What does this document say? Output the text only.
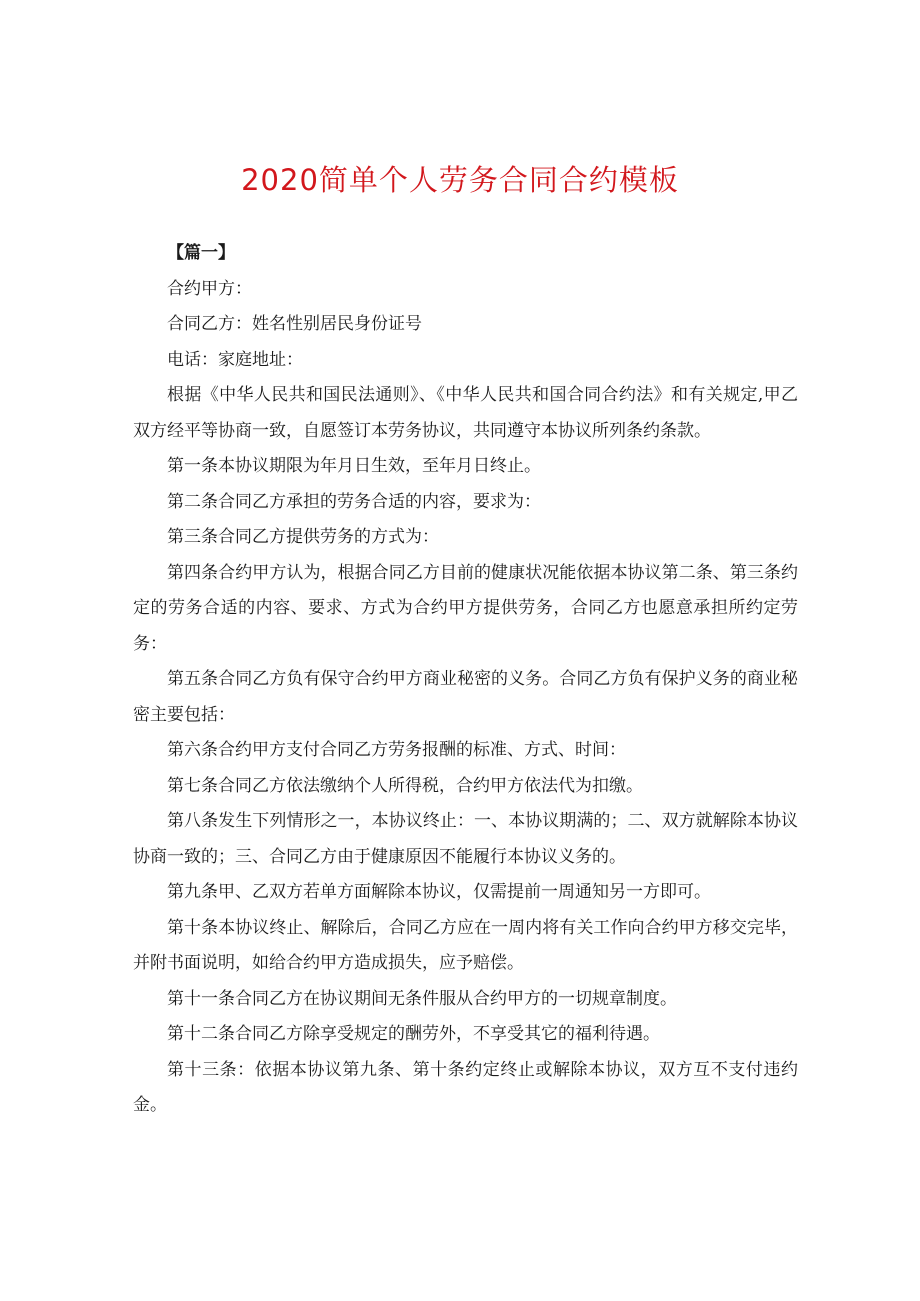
2020简单个人劳务合同合约模板

【篇一】

合约甲方：

合同乙方：姓名性别居民身份证号

电话：家庭地址：

根据《中华人民共和国民法通则》、《中华人民共和国合同合约法》和有关规定,甲乙双方经平等协商一致，自愿签订本劳务协议，共同遵守本协议所列条约条款。

第一条本协议期限为年月日生效，至年月日终止。

第二条合同乙方承担的劳务合适的内容，要求为：

第三条合同乙方提供劳务的方式为：

第四条合约甲方认为，根据合同乙方目前的健康状况能依据本协议第二条、第三条约定的劳务合适的内容、要求、方式为合约甲方提供劳务，合同乙方也愿意承担所约定劳务：

第五条合同乙方负有保守合约甲方商业秘密的义务。合同乙方负有保护义务的商业秘密主要包括：

第六条合约甲方支付合同乙方劳务报酬的标准、方式、时间：

第七条合同乙方依法缴纳个人所得税，合约甲方依法代为扣缴。

第八条发生下列情形之一，本协议终止：一、本协议期满的；二、双方就解除本协议协商一致的；三、合同乙方由于健康原因不能履行本协议义务的。

第九条甲、乙双方若单方面解除本协议，仅需提前一周通知另一方即可。

第十条本协议终止、解除后，合同乙方应在一周内将有关工作向合约甲方移交完毕，并附书面说明，如给合约甲方造成损失，应予赔偿。

第十一条合同乙方在协议期间无条件服从合约甲方的一切规章制度。

第十二条合同乙方除享受规定的酬劳外，不享受其它的福利待遇。

第十三条：依据本协议第九条、第十条约定终止或解除本协议，双方互不支付违约金。
